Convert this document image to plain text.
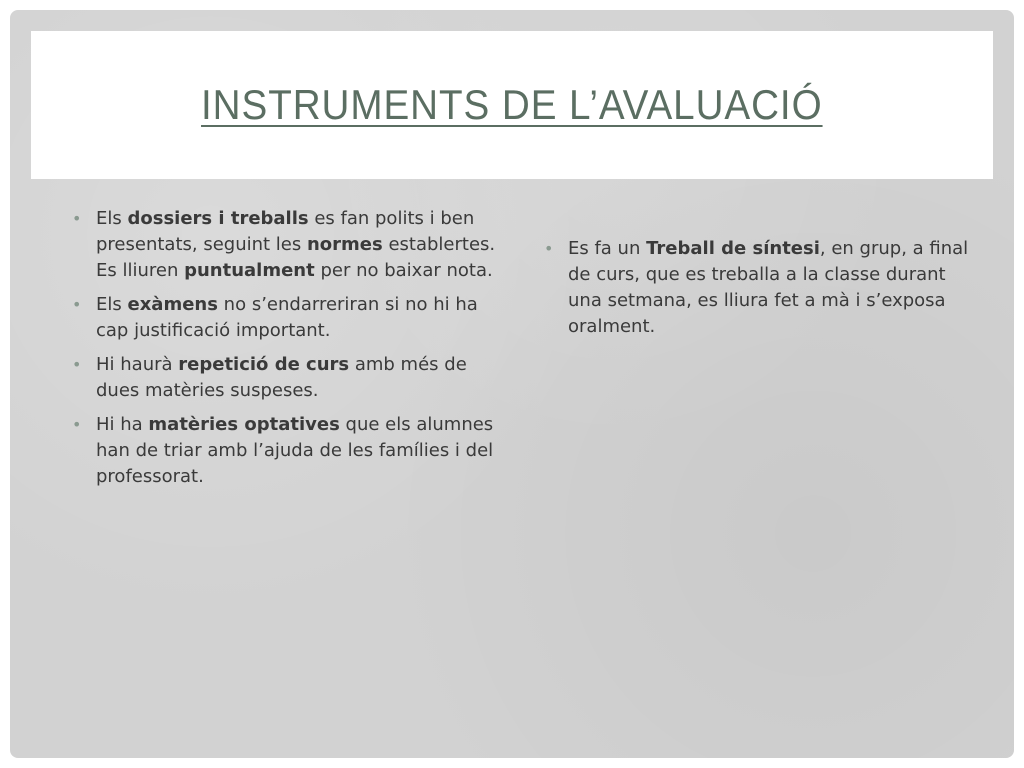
INSTRUMENTS DE L’AVALUACIÓ
• Els dossiers i treballs es fan polits i ben presentats, seguint les normes establertes. Es lliuren puntualment per no baixar nota.
• Els exàmens no s’endarreriran si no hi ha cap justificació important.
• Hi haurà repetició de curs amb més de dues matèries suspeses.
• Hi ha matèries optatives que els alumnes han de triar amb l’ajuda de les famílies i del professorat.
• Es fa un Treball de síntesi, en grup, a final de curs, que es treballa a la classe durant una setmana, es lliura fet a mà i s’exposa oralment.
